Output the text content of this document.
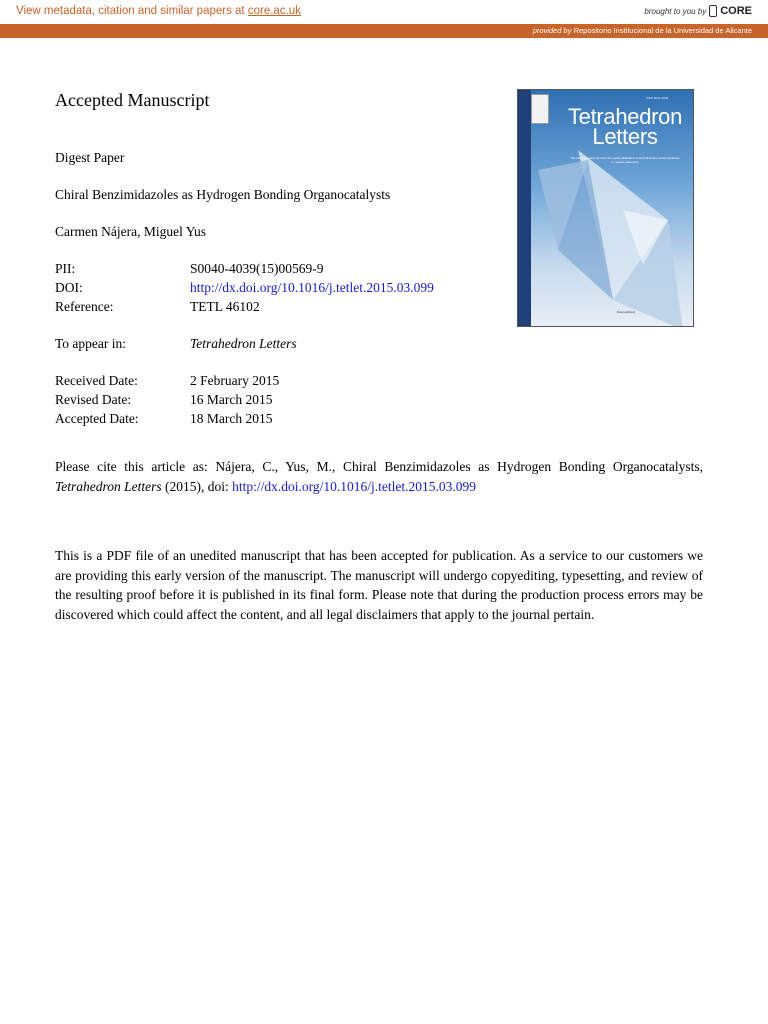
View metadata, citation and similar papers at core.ac.uk	brought to you by CORE
provided by Repositorio Institucional de la Universidad de Alicante
Accepted Manuscript
Digest Paper
Chiral Benzimidazoles as Hydrogen Bonding Organocatalysts
Carmen Nájera, Miguel Yus
PII:	S0040-4039(15)00569-9
DOI:	http://dx.doi.org/10.1016/j.tetlet.2015.03.099
Reference:	TETL 46102
To appear in:	Tetrahedron Letters
Received Date:	2 February 2015
Revised Date:	16 March 2015
Accepted Date:	18 March 2015
Please cite this article as: Nájera, C., Yus, M., Chiral Benzimidazoles as Hydrogen Bonding Organocatalysts, Tetrahedron Letters (2015), doi: http://dx.doi.org/10.1016/j.tetlet.2015.03.099
This is a PDF file of an unedited manuscript that has been accepted for publication. As a service to our customers we are providing this early version of the manuscript. The manuscript will undergo copyediting, typesetting, and review of the resulting proof before it is published in its final form. Please note that during the production process errors may be discovered which could affect the content, and all legal disclaimers that apply to the journal pertain.
ISSN 0040-4039
Tetrahedron
Letters
The international journal for the rapid publication of all preliminary communications in organic chemistry
ScienceDirect
